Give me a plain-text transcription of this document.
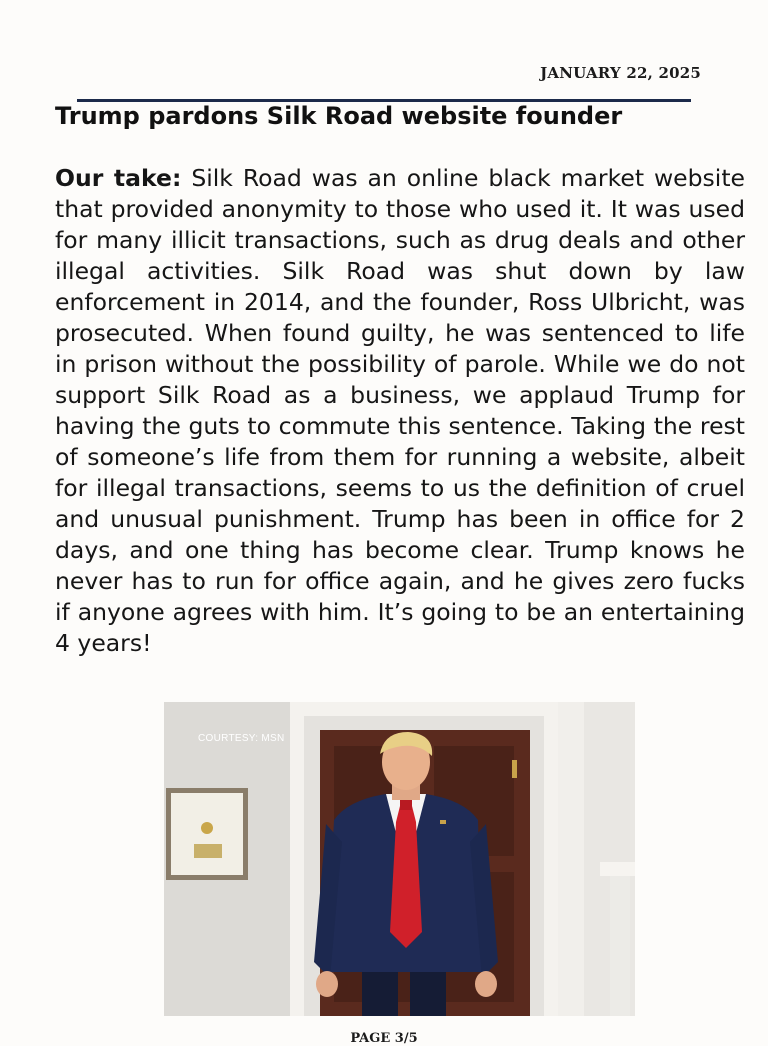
JANUARY 22, 2025
Trump pardons Silk Road website founder
Our take: Silk Road was an online black market website that provided anonymity to those who used it. It was used for many illicit transactions, such as drug deals and other illegal activities. Silk Road was shut down by law enforcement in 2014, and the founder, Ross Ulbricht, was prosecuted. When found guilty, he was sentenced to life in prison without the possibility of parole. While we do not support Silk Road as a business, we applaud Trump for having the guts to commute this sentence. Taking the rest of someone’s life from them for running a website, albeit for illegal transactions, seems to us the definition of cruel and unusual punishment. Trump has been in office for 2 days, and one thing has become clear. Trump knows he never has to run for office again, and he gives zero fucks if anyone agrees with him. It’s going to be an entertaining 4 years!
COURTESY: MSN
PAGE 3/5
